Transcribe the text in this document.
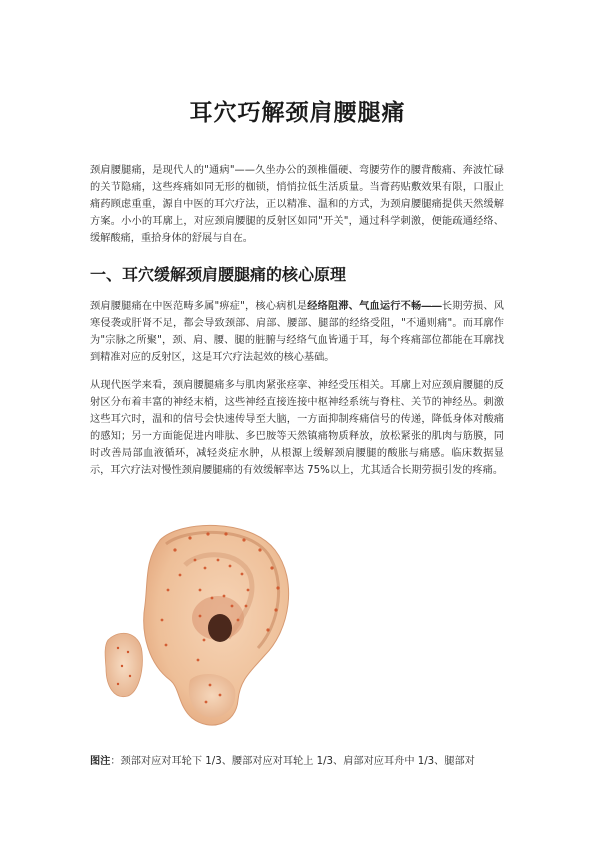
耳穴巧解颈肩腰腿痛

颈肩腰腿痛，是现代人的"通病"——久坐办公的颈椎僵硬、弯腰劳作的腰背酸痛、奔波忙碌的关节隐痛，这些疼痛如同无形的枷锁，悄悄拉低生活质量。当膏药贴敷效果有限，口服止痛药顾虑重重，源自中医的耳穴疗法，正以精准、温和的方式，为颈肩腰腿痛提供天然缓解方案。小小的耳廓上，对应颈肩腰腿的反射区如同"开关"，通过科学刺激，便能疏通经络、缓解酸痛，重拾身体的舒展与自在。

一、耳穴缓解颈肩腰腿痛的核心原理

颈肩腰腿痛在中医范畴多属"痹症"，核心病机是经络阻滞、气血运行不畅——长期劳损、风寒侵袭或肝肾不足，都会导致颈部、肩部、腰部、腿部的经络受阻，"不通则痛"。而耳廓作为"宗脉之所聚"，颈、肩、腰、腿的脏腑与经络气血皆通于耳，每个疼痛部位都能在耳廓找到精准对应的反射区，这是耳穴疗法起效的核心基础。

从现代医学来看，颈肩腰腿痛多与肌肉紧张痉挛、神经受压相关。耳廓上对应颈肩腰腿的反射区分布着丰富的神经末梢，这些神经直接连接中枢神经系统与脊柱、关节的神经丛。刺激这些耳穴时，温和的信号会快速传导至大脑，一方面抑制疼痛信号的传递，降低身体对酸痛的感知；另一方面能促进内啡肽、多巴胺等天然镇痛物质释放，放松紧张的肌肉与筋膜，同时改善局部血液循环，减轻炎症水肿，从根源上缓解颈肩腰腿的酸胀与痛感。临床数据显示，耳穴疗法对慢性颈肩腰腿痛的有效缓解率达 75%以上，尤其适合长期劳损引发的疼痛。

图注：颈部对应对耳轮下 1/3、腰部对应对耳轮上 1/3、肩部对应耳舟中 1/3、腿部对
